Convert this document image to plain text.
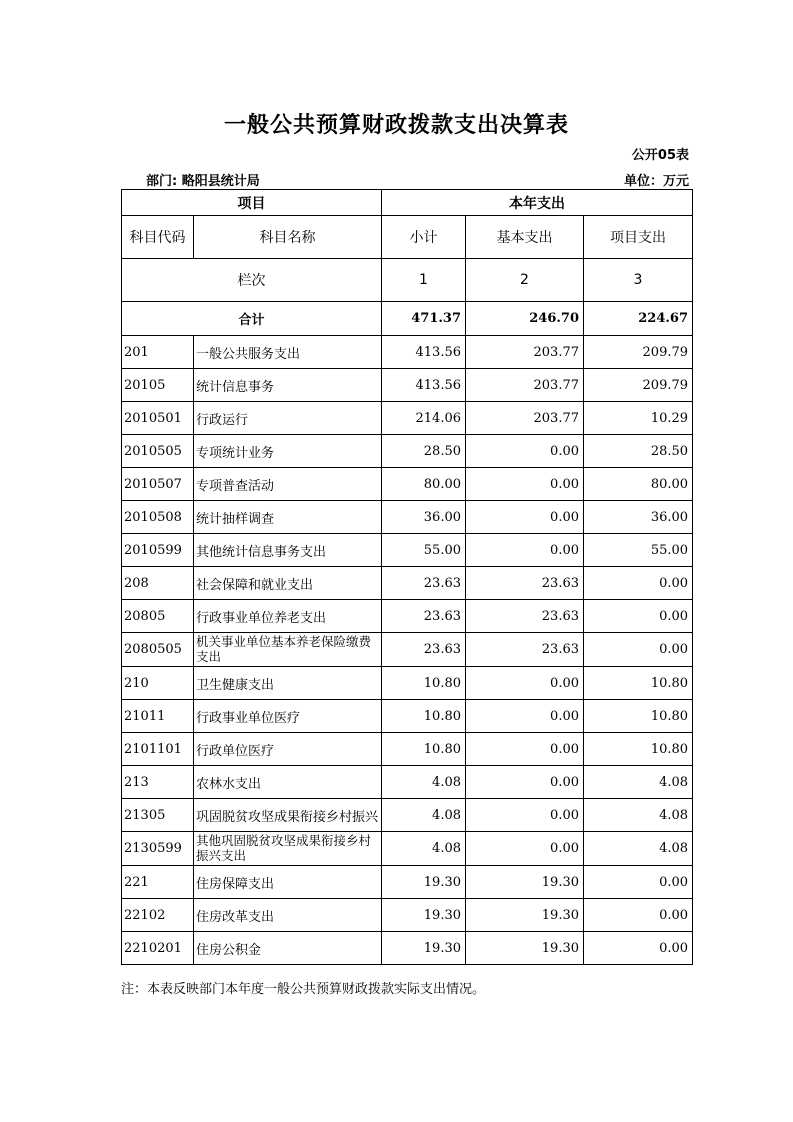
一般公共预算财政拨款支出决算表
公开05表
部门: 略阳县统计局	单位：万元
项目		本年支出		
科目代码	科目名称	小计	基本支出	项目支出
栏次		1	2	3
合计		471.37	246.70	224.67
201	一般公共服务支出	413.56	203.77	209.79
20105	统计信息事务	413.56	203.77	209.79
2010501	行政运行	214.06	203.77	10.29
2010505	专项统计业务	28.50	0.00	28.50
2010507	专项普查活动	80.00	0.00	80.00
2010508	统计抽样调查	36.00	0.00	36.00
2010599	其他统计信息事务支出	55.00	0.00	55.00
208	社会保障和就业支出	23.63	23.63	0.00
20805	行政事业单位养老支出	23.63	23.63	0.00
2080505	机关事业单位基本养老保险缴费支出	23.63	23.63	0.00
210	卫生健康支出	10.80	0.00	10.80
21011	行政事业单位医疗	10.80	0.00	10.80
2101101	行政单位医疗	10.80	0.00	10.80
213	农林水支出	4.08	0.00	4.08
21305	巩固脱贫攻坚成果衔接乡村振兴	4.08	0.00	4.08
2130599	其他巩固脱贫攻坚成果衔接乡村振兴支出	4.08	0.00	4.08
221	住房保障支出	19.30	19.30	0.00
22102	住房改革支出	19.30	19.30	0.00
2210201	住房公积金	19.30	19.30	0.00
注：本表反映部门本年度一般公共预算财政拨款实际支出情况。
